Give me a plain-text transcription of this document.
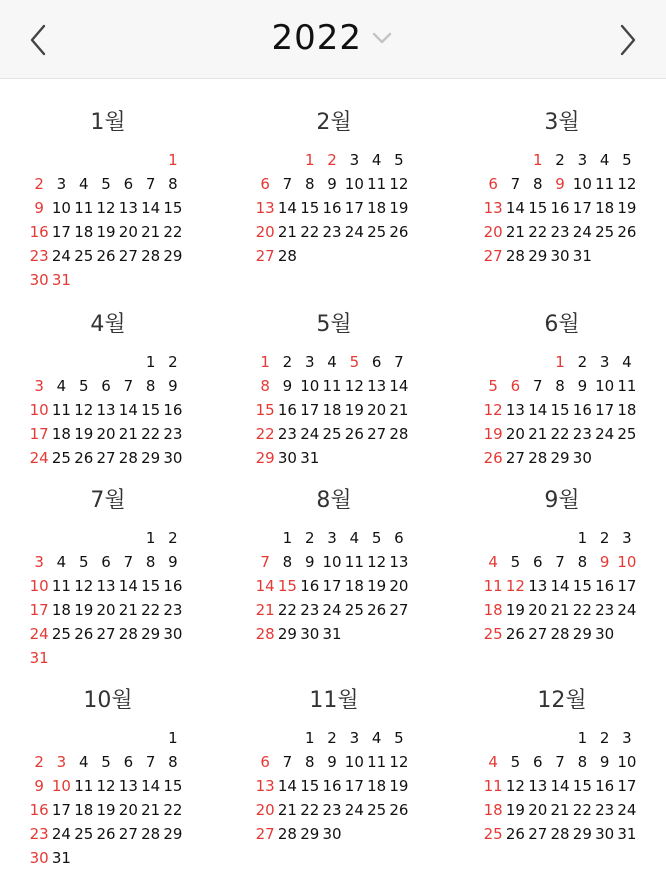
2022
1월
1
2 3 4 5 6 7 8
9 10 11 12 13 14 15
16 17 18 19 20 21 22
23 24 25 26 27 28 29
30 31
2월
1 2 3 4 5
6 7 8 9 10 11 12
13 14 15 16 17 18 19
20 21 22 23 24 25 26
27 28
3월
1 2 3 4 5
6 7 8 9 10 11 12
13 14 15 16 17 18 19
20 21 22 23 24 25 26
27 28 29 30 31
4월
1 2
3 4 5 6 7 8 9
10 11 12 13 14 15 16
17 18 19 20 21 22 23
24 25 26 27 28 29 30
5월
1 2 3 4 5 6 7
8 9 10 11 12 13 14
15 16 17 18 19 20 21
22 23 24 25 26 27 28
29 30 31
6월
1 2 3 4
5 6 7 8 9 10 11
12 13 14 15 16 17 18
19 20 21 22 23 24 25
26 27 28 29 30
7월
1 2
3 4 5 6 7 8 9
10 11 12 13 14 15 16
17 18 19 20 21 22 23
24 25 26 27 28 29 30
31
8월
1 2 3 4 5 6
7 8 9 10 11 12 13
14 15 16 17 18 19 20
21 22 23 24 25 26 27
28 29 30 31
9월
1 2 3
4 5 6 7 8 9 10
11 12 13 14 15 16 17
18 19 20 21 22 23 24
25 26 27 28 29 30
10월
1
2 3 4 5 6 7 8
9 10 11 12 13 14 15
16 17 18 19 20 21 22
23 24 25 26 27 28 29
30 31
11월
1 2 3 4 5
6 7 8 9 10 11 12
13 14 15 16 17 18 19
20 21 22 23 24 25 26
27 28 29 30
12월
1 2 3
4 5 6 7 8 9 10
11 12 13 14 15 16 17
18 19 20 21 22 23 24
25 26 27 28 29 30 31
